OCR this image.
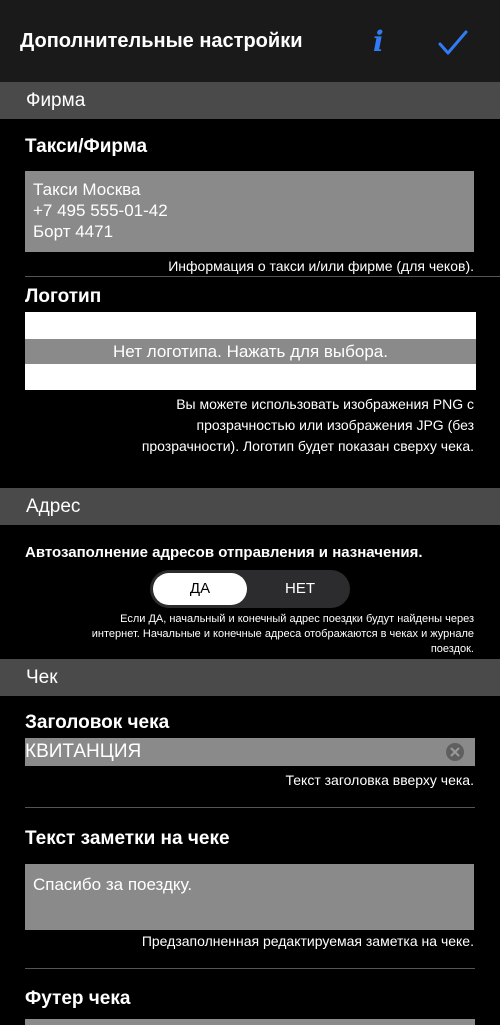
Дополнительные настройки	i
Фирма
Такси/Фирма
Такси Москва
+7 495 555-01-42
Борт 4471
Информация о такси и/или фирме (для чеков).
Логотип
Нет логотипа. Нажать для выбора.
Вы можете использовать изображения PNG с
прозрачностью или изображения JPG (без
прозрачности). Логотип будет показан сверху чека.
Адрес
Автозаполнение адресов отправления и назначения.
ДА	НЕТ
Если ДА, начальный и конечный адрес поездки будут найдены через
интернет. Начальные и конечные адреса отображаются в чеках и журнале
поездок.
Чек
Заголовок чека
КВИТАНЦИЯ
Текст заголовка вверху чека.
Текст заметки на чеке
Спасибо за поездку.
Предзаполненная редактируемая заметка на чеке.
Футер чека
